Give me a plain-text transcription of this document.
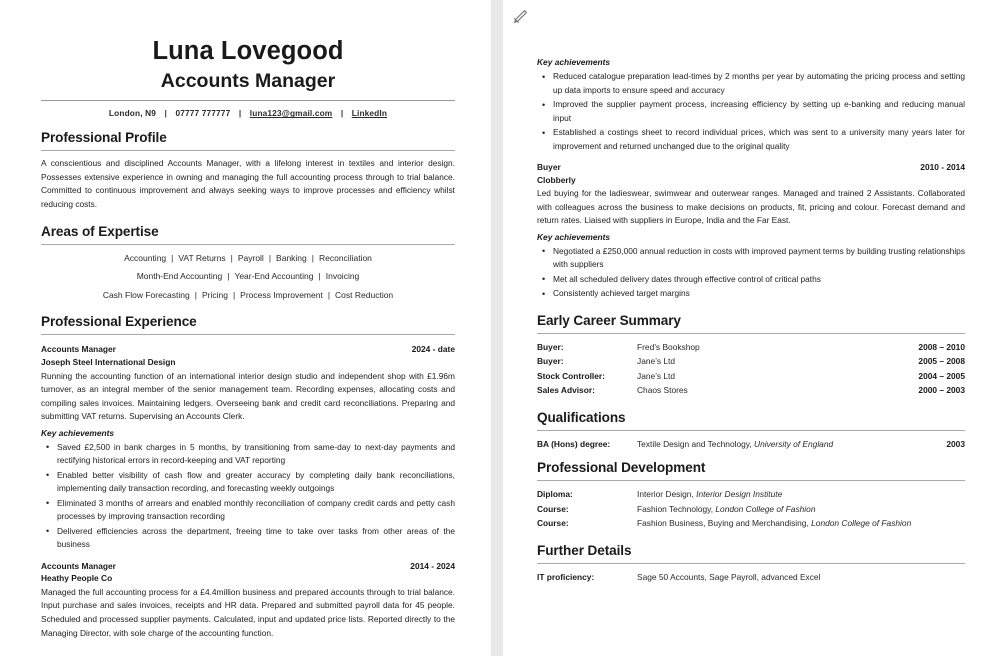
Luna Lovegood
Accounts Manager
London, N9 | 07777 777777 | luna123@gmail.com | LinkedIn
Professional Profile

A conscientious and disciplined Accounts Manager, with a lifelong interest in textiles and interior design. Possesses extensive experience in owning and managing the full accounting process through to trial balance. Committed to continuous improvement and always seeking ways to improve processes and efficiency whilst reducing costs.

Areas of Expertise
Accounting | VAT Returns | Payroll | Banking | Reconciliation
Month-End Accounting | Year-End Accounting | Invoicing
Cash Flow Forecasting | Pricing | Process Improvement | Cost Reduction
Professional Experience
Accounts Manager	2024 - date
Joseph Steel International Design

Running the accounting function of an international interior design studio and independent shop with £1.96m turnover, as an integral member of the senior management team. Recording expenses, allocating costs and compiling sales invoices. Maintaining ledgers. Overseeing bank and credit card reconciliations. Preparing and submitting VAT returns. Supervising an Accounts Clerk.

Key achievements
• Saved £2,500 in bank charges in 5 months, by transitioning from same-day to next-day payments and rectifying historical errors in record-keeping and VAT reporting
• Enabled better visibility of cash flow and greater accuracy by completing daily bank reconciliations, implementing daily transaction recording, and forecasting weekly outgoings
• Eliminated 3 months of arrears and enabled monthly reconciliation of company credit cards and petty cash processes by improving transaction recording
• Delivered efficiencies across the department, freeing time to take over tasks from other areas of the business
Accounts Manager	2014 - 2024
Heathy People Co

Managed the full accounting process for a £4.4million business and prepared accounts through to trial balance. Input purchase and sales invoices, receipts and HR data. Prepared and submitted payroll data for 45 people. Scheduled and processed supplier payments. Calculated, input and updated price lists. Reported directly to the Managing Director, with sole charge of the accounting function.

Key achievements
• Reduced catalogue preparation lead-times by 2 months per year by automating the pricing process and setting up data imports to ensure speed and accuracy
• Improved the supplier payment process, increasing efficiency by setting up e-banking and reducing manual input
• Established a costings sheet to record individual prices, which was sent to a university many years later for improvement and returned unchanged due to the original quality
Buyer	2010 - 2014
Clobberly

Led buying for the ladieswear, swimwear and outerwear ranges. Managed and trained 2 Assistants. Collaborated with colleagues across the business to make decisions on products, fit, pricing and colour. Forecast demand and return rates. Liaised with suppliers in Europe, India and the Far East.

Key achievements
• Negotiated a £250,000 annual reduction in costs with improved payment terms by building trusting relationships with suppliers
• Met all scheduled delivery dates through effective control of critical paths
• Consistently achieved target margins
Early Career Summary
Buyer:	Fred’s Bookshop	2008 – 2010
Buyer:	Jane’s Ltd	2005 – 2008
Stock Controller:	Jane’s Ltd	2004 – 2005
Sales Advisor:	Chaos Stores	2000 – 2003
Qualifications
BA (Hons) degree:	Textile Design and Technology, University of England	2003
Professional Development
Diploma:	Interior Design, Interior Design Institute
Course:	Fashion Technology, London College of Fashion
Course:	Fashion Business, Buying and Merchandising, London College of Fashion
Further Details
IT proficiency:	Sage 50 Accounts, Sage Payroll, advanced Excel
